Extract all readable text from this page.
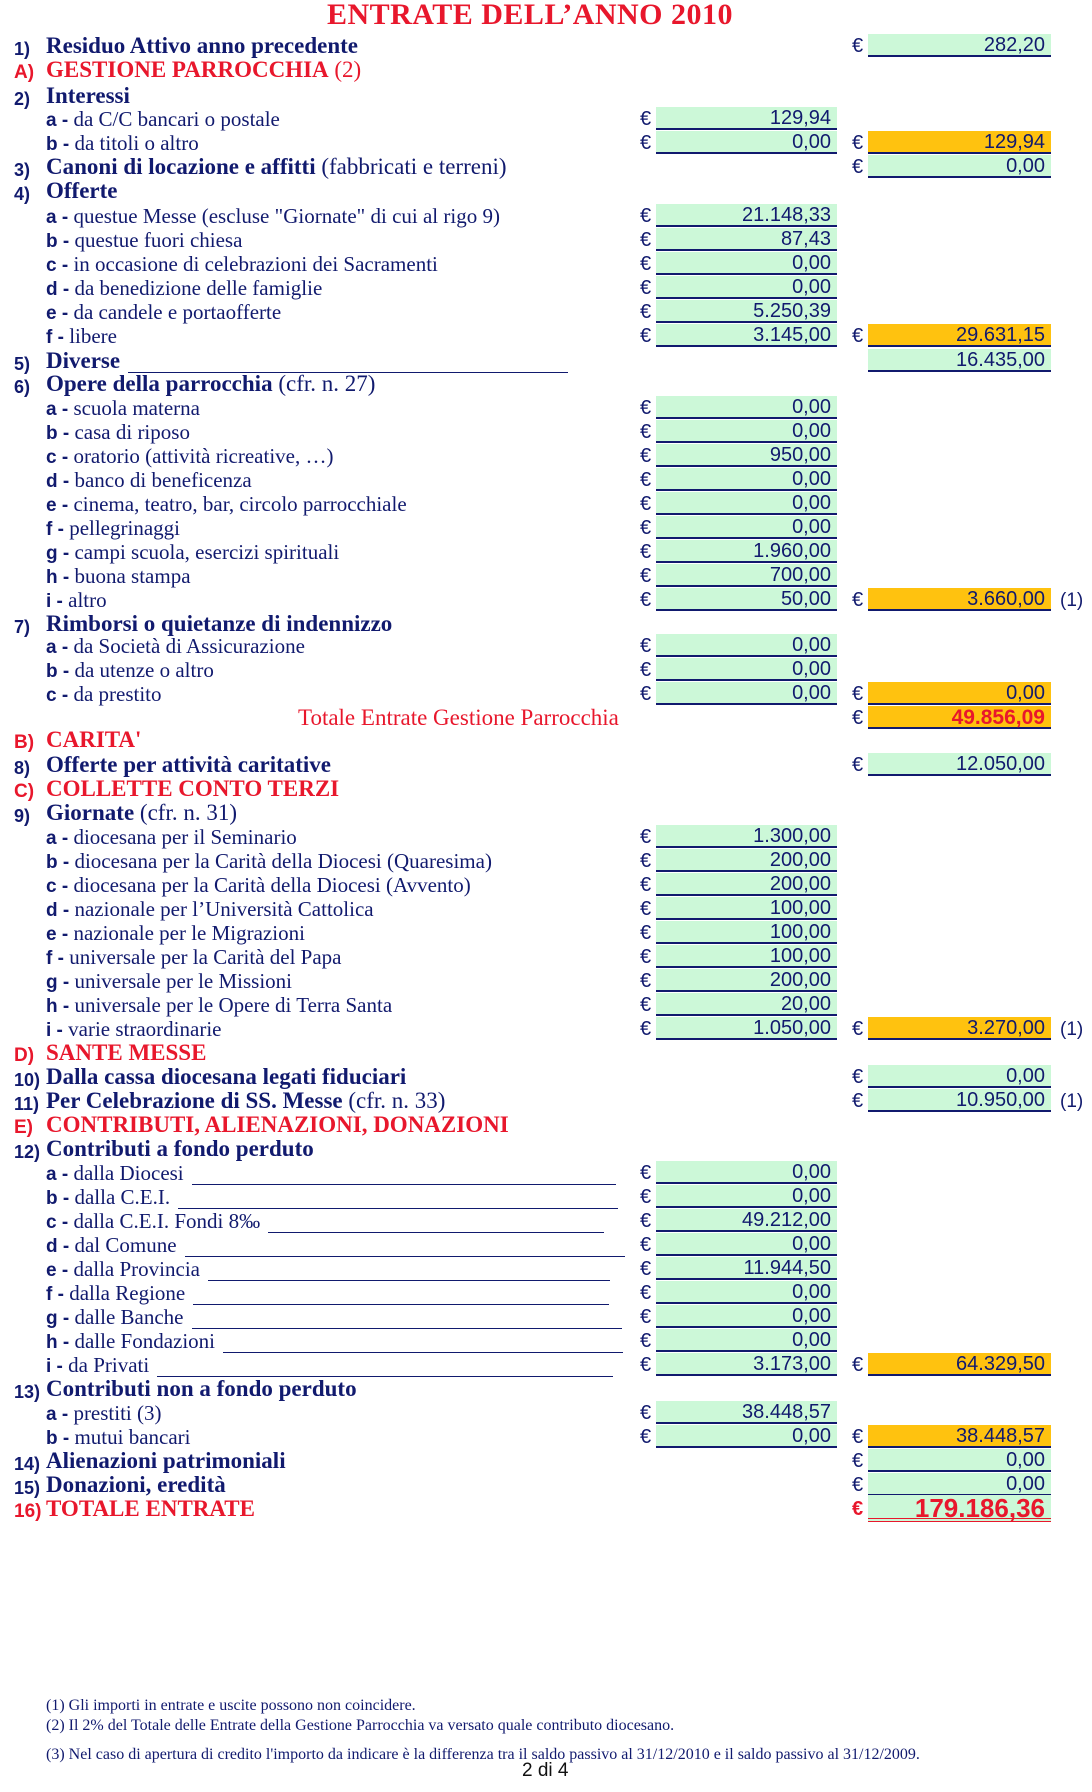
ENTRATE DELL’ANNO 2010
1) Residuo Attivo anno precedente	€	282,20
A) GESTIONE PARROCCHIA (2)
2) Interessi
a - da C/C bancari o postale	€	129,94
b - da titoli o altro	€	0,00	€	129,94
3) Canoni di locazione e affitti (fabbricati e terreni)	€	0,00
4) Offerte
a - questue Messe (escluse "Giornate" di cui al rigo 9)	€	21.148,33
b - questue fuori chiesa	€	87,43
c - in occasione di celebrazioni dei Sacramenti	€	0,00
d - da benedizione delle famiglie	€	0,00
e - da candele e portaofferte	€	5.250,39
f - libere	€	3.145,00	€	29.631,15
5) Diverse	16.435,00
6) Opere della parrocchia (cfr. n. 27)
a - scuola materna	€	0,00
b - casa di riposo	€	0,00
c - oratorio (attività ricreative, …)	€	950,00
d - banco di beneficenza	€	0,00
e - cinema, teatro, bar, circolo parrocchiale	€	0,00
f - pellegrinaggi	€	0,00
g - campi scuola, esercizi spirituali	€	1.960,00
h - buona stampa	€	700,00
i - altro	€	50,00	€	3.660,00 (1)
7) Rimborsi o quietanze di indennizzo
a - da Società di Assicurazione	€	0,00
b - da utenze o altro	€	0,00
c - da prestito	€	0,00	€	0,00
Totale Entrate Gestione Parrocchia	€	49.856,09
B) CARITA'
8) Offerte per attività caritative	€	12.050,00
C) COLLETTE CONTO TERZI
9) Giornate (cfr. n. 31)
a - diocesana per il Seminario	€	1.300,00
b - diocesana per la Carità della Diocesi (Quaresima)	€	200,00
c - diocesana per la Carità della Diocesi (Avvento)	€	200,00
d - nazionale per l’Università Cattolica	€	100,00
e - nazionale per le Migrazioni	€	100,00
f - universale per la Carità del Papa	€	100,00
g - universale per le Missioni	€	200,00
h - universale per le Opere di Terra Santa	€	20,00
i - varie straordinarie	€	1.050,00	€	3.270,00 (1)
D) SANTE MESSE
10) Dalla cassa diocesana legati fiduciari	€	0,00
11) Per Celebrazione di SS. Messe (cfr. n. 33)	€	10.950,00 (1)
E) CONTRIBUTI, ALIENAZIONI, DONAZIONI
12) Contributi a fondo perduto
a - dalla Diocesi	€	0,00
b - dalla C.E.I.	€	0,00
c - dalla C.E.I. Fondi 8‰	€	49.212,00
d - dal Comune	€	0,00
e - dalla Provincia	€	11.944,50
f - dalla Regione	€	0,00
g - dalle Banche	€	0,00
h - dalle Fondazioni	€	0,00
i - da Privati	€	3.173,00	€	64.329,50
13) Contributi non a fondo perduto
a - prestiti (3)	€	38.448,57
b - mutui bancari	€	0,00	€	38.448,57
14) Alienazioni patrimoniali	€	0,00
15) Donazioni, eredità	€	0,00
16) TOTALE ENTRATE	€	179.186,36
(1) Gli importi in entrate e uscite possono non coincidere.
(2) Il 2% del Totale delle Entrate della Gestione Parrocchia va versato quale contributo diocesano.
(3) Nel caso di apertura di credito l'importo da indicare è la differenza tra il saldo passivo al 31/12/2010 e il saldo passivo al 31/12/2009.
2 di 4
